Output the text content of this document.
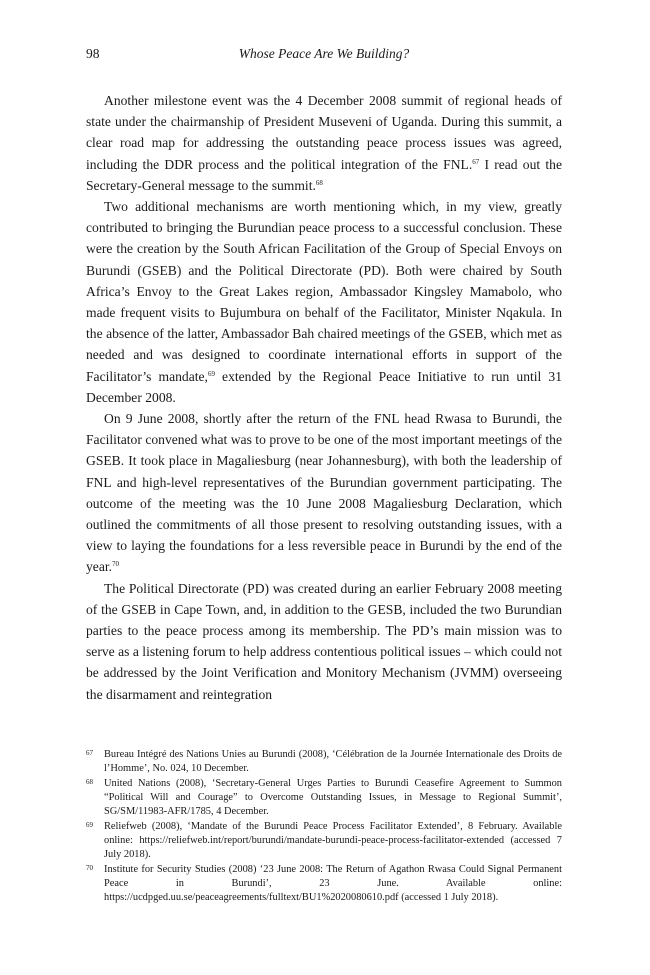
98	Whose Peace Are We Building?

Another milestone event was the 4 December 2008 summit of regional heads of state under the chairmanship of President Museveni of Uganda. During this summit, a clear road map for addressing the outstanding peace process issues was agreed, including the DDR process and the political integration of the FNL.$^{67}$ I read out the Secretary-General message to the summit.$^{68}$

Two additional mechanisms are worth mentioning which, in my view, greatly contributed to bringing the Burundian peace process to a successful conclusion. These were the creation by the South African Facilitation of the Group of Special Envoys on Burundi (GSEB) and the Political Directorate (PD). Both were chaired by South Africa’s Envoy to the Great Lakes region, Ambassador Kingsley Mamabolo, who made frequent visits to Bujumbura on behalf of the Facilitator, Minister Nqakula. In the absence of the latter, Ambassador Bah chaired meetings of the GSEB, which met as needed and was designed to coordinate international efforts in support of the Facilitator’s mandate,$^{69}$ extended by the Regional Peace Initiative to run until 31 December 2008.

On 9 June 2008, shortly after the return of the FNL head Rwasa to Burundi, the Facilitator convened what was to prove to be one of the most important meetings of the GSEB. It took place in Magaliesburg (near Johannesburg), with both the leadership of FNL and high-level representatives of the Burundian government participating. The outcome of the meeting was the 10 June 2008 Magaliesburg Declaration, which outlined the commitments of all those present to resolving outstanding issues, with a view to laying the foundations for a less reversible peace in Burundi by the end of the year.$^{70}$

The Political Directorate (PD) was created during an earlier February 2008 meeting of the GSEB in Cape Town, and, in addition to the GESB, included the two Burundian parties to the peace process among its membership. The PD’s main mission was to serve as a listening forum to help address contentious political issues – which could not be addressed by the Joint Verification and Monitory Mechanism (JVMM) overseeing the disarmament and reintegration

67 Bureau Intégré des Nations Unies au Burundi (2008), ‘Célébration de la Journée Internationale des Droits de l’Homme’, No. 024, 10 December.
68 United Nations (2008), ‘Secretary-General Urges Parties to Burundi Ceasefire Agreement to Summon “Political Will and Courage” to Overcome Outstanding Issues, in Message to Regional Summit’, SG/SM/11983-AFR/1785, 4 December.
69 Reliefweb (2008), ‘Mandate of the Burundi Peace Process Facilitator Extended’, 8 February. Available online: https://reliefweb.int/report/burundi/mandate-burundi-peace-process-facilitator-extended (accessed 7 July 2018).
70 Institute for Security Studies (2008) ‘23 June 2008: The Return of Agathon Rwasa Could Signal Permanent Peace in Burundi’, 23 June. Available online: https://ucdpged.uu.se/peaceagreements/fulltext/BU1%2020080610.pdf (accessed 1 July 2018).
